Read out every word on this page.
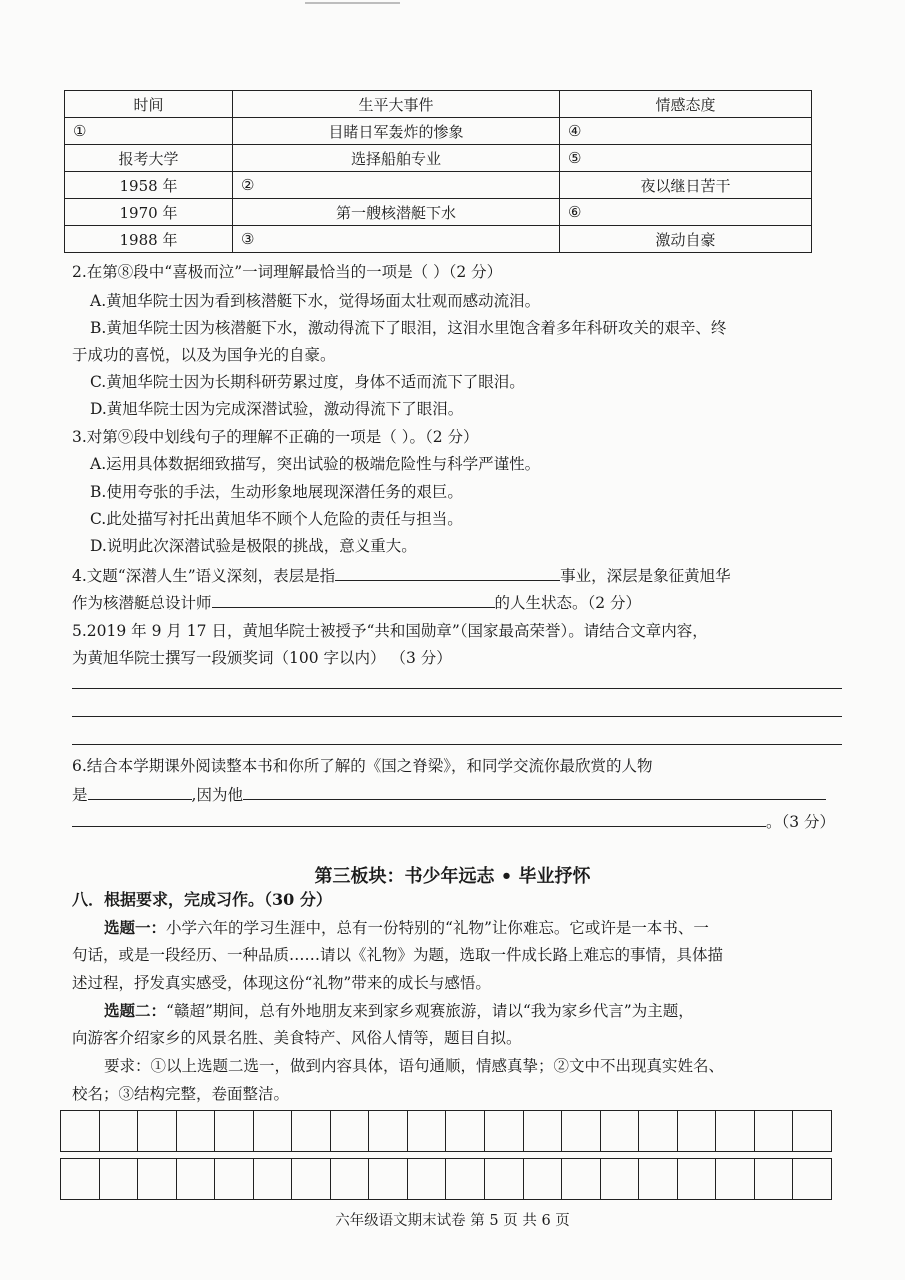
时间	生平大事件	情感态度
①	目睹日军轰炸的惨象	④
报考大学	选择船舶专业	⑤
1958 年	②	夜以继日苦干
1970 年	第一艘核潜艇下水	⑥
1988 年	③	激动自豪
2.在第⑧段中“喜极而泣”一词理解最恰当的一项是（ ）（2 分）
A.黄旭华院士因为看到核潜艇下水，觉得场面太壮观而感动流泪。
B.黄旭华院士因为核潜艇下水，激动得流下了眼泪，这泪水里饱含着多年科研攻关的艰辛、终
于成功的喜悦，以及为国争光的自豪。
C.黄旭华院士因为长期科研劳累过度，身体不适而流下了眼泪。
D.黄旭华院士因为完成深潜试验，激动得流下了眼泪。
3.对第⑨段中划线句子的理解不正确的一项是（ ）。（2 分）
A.运用具体数据细致描写，突出试验的极端危险性与科学严谨性。
B.使用夸张的手法，生动形象地展现深潜任务的艰巨。
C.此处描写衬托出黄旭华不顾个人危险的责任与担当。
D.说明此次深潜试验是极限的挑战，意义重大。
4.文题“深潜人生”语义深刻，表层是指	事业，深层是象征黄旭华
作为核潜艇总设计师	的人生状态。（2 分）
5.2019 年 9 月 17 日，黄旭华院士被授予“共和国勋章”（国家最高荣誉）。请结合文章内容，
为黄旭华院士撰写一段颁奖词（100 字以内） （3 分）
6.结合本学期课外阅读整本书和你所了解的《国之脊梁》，和同学交流你最欣赏的人物
是	,因为他
。（3 分）
第三板块：书少年远志 • 毕业抒怀
八．根据要求，完成习作。（30 分）
选题一：小学六年的学习生涯中，总有一份特别的“礼物”让你难忘。它或许是一本书、一
句话，或是一段经历、一种品质……请以《礼物》为题，选取一件成长路上难忘的事情，具体描
述过程，抒发真实感受，体现这份“礼物”带来的成长与感悟。
选题二：“赣超”期间，总有外地朋友来到家乡观赛旅游，请以“我为家乡代言”为主题，
向游客介绍家乡的风景名胜、美食特产、风俗人情等，题目自拟。
要求：①以上选题二选一，做到内容具体，语句通顺，情感真挚；②文中不出现真实姓名、
校名；③结构完整，卷面整洁。
六年级语文期末试卷 第 5 页 共 6 页
